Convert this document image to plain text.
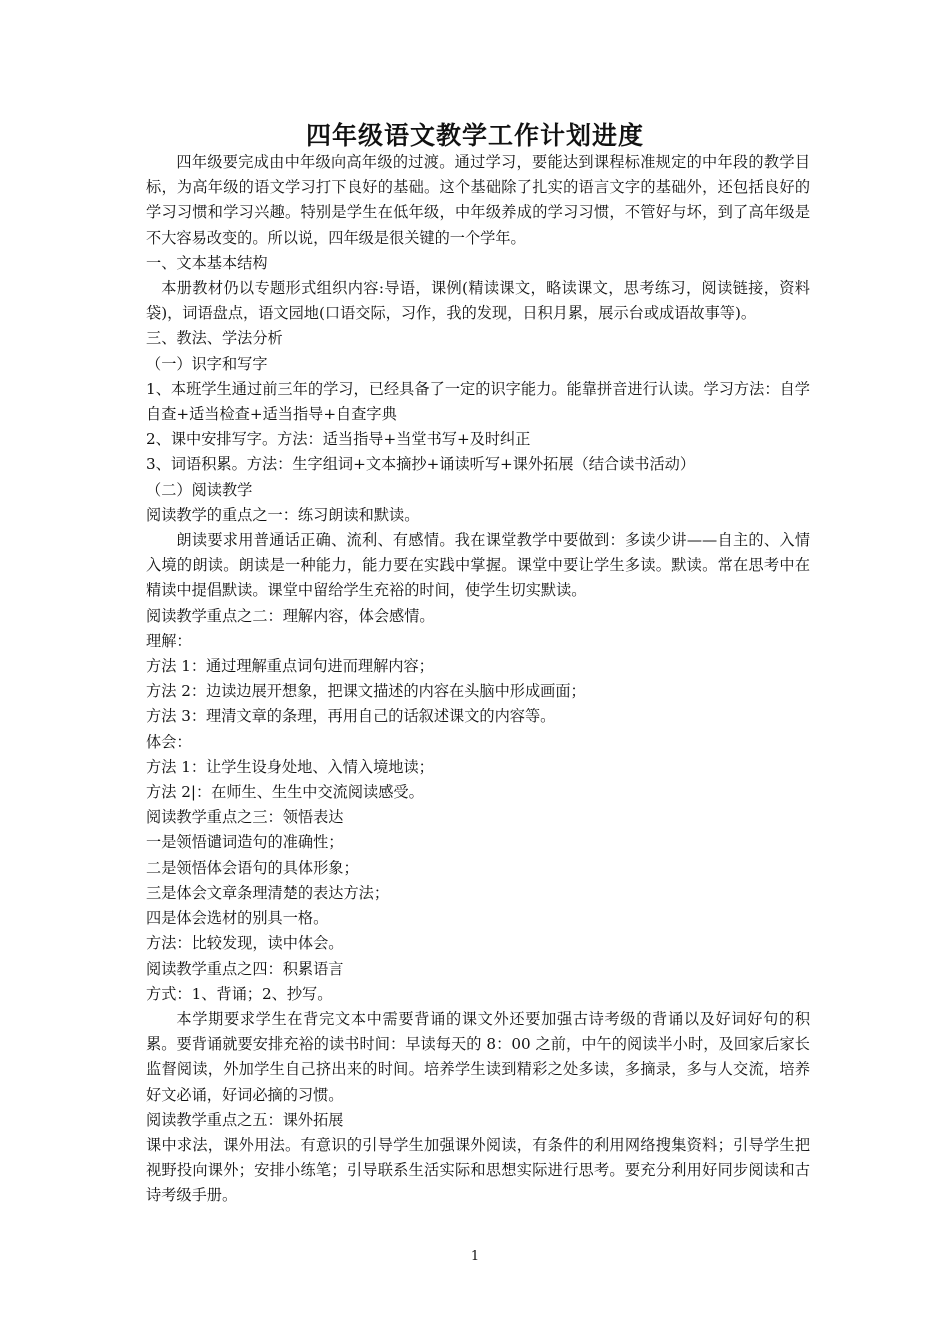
四年级语文教学工作计划进度

四年级要完成由中年级向高年级的过渡。通过学习，要能达到课程标准规定的中年段的教学目标，为高年级的语文学习打下良好的基础。这个基础除了扎实的语言文字的基础外，还包括良好的学习习惯和学习兴趣。特别是学生在低年级，中年级养成的学习习惯，不管好与坏，到了高年级是不大容易改变的。所以说，四年级是很关键的一个学年。

一、文本基本结构

本册教材仍以专题形式组织内容:导语，课例(精读课文，略读课文，思考练习，阅读链接，资料袋)，词语盘点，语文园地(口语交际，习作，我的发现，日积月累，展示台或成语故事等)。

三、教法、学法分析

（一）识字和写字

1、本班学生通过前三年的学习，已经具备了一定的识字能力。能靠拼音进行认读。学习方法：自学自查+适当检查+适当指导+自查字典

2、课中安排写字。方法：适当指导+当堂书写+及时纠正

3、词语积累。方法：生字组词+文本摘抄+诵读听写+课外拓展（结合读书活动）

（二）阅读教学

阅读教学的重点之一：练习朗读和默读。

朗读要求用普通话正确、流利、有感情。我在课堂教学中要做到：多读少讲——自主的、入情入境的朗读。朗读是一种能力，能力要在实践中掌握。课堂中要让学生多读。默读。常在思考中在精读中提倡默读。课堂中留给学生充裕的时间，使学生切实默读。

阅读教学重点之二：理解内容，体会感情。

理解：

方法 1：通过理解重点词句进而理解内容；

方法 2：边读边展开想象，把课文描述的内容在头脑中形成画面；

方法 3：理清文章的条理，再用自己的话叙述课文的内容等。

体会：

方法 1：让学生设身处地、入情入境地读；

方法 2|：在师生、生生中交流阅读感受。

阅读教学重点之三：领悟表达

一是领悟谴词造句的准确性；

二是领悟体会语句的具体形象；

三是体会文章条理清楚的表达方法；

四是体会选材的别具一格。

方法：比较发现，读中体会。

阅读教学重点之四：积累语言

方式：1、背诵；2、抄写。

本学期要求学生在背完文本中需要背诵的课文外还要加强古诗考级的背诵以及好词好句的积累。要背诵就要安排充裕的读书时间：早读每天的 8：00 之前，中午的阅读半小时，及回家后家长监督阅读，外加学生自己挤出来的时间。培养学生读到精彩之处多读，多摘录，多与人交流，培养好文必诵，好词必摘的习惯。

阅读教学重点之五：课外拓展

课中求法，课外用法。有意识的引导学生加强课外阅读，有条件的利用网络搜集资料；引导学生把视野投向课外；安排小练笔；引导联系生活实际和思想实际进行思考。要充分利用好同步阅读和古诗考级手册。

1
